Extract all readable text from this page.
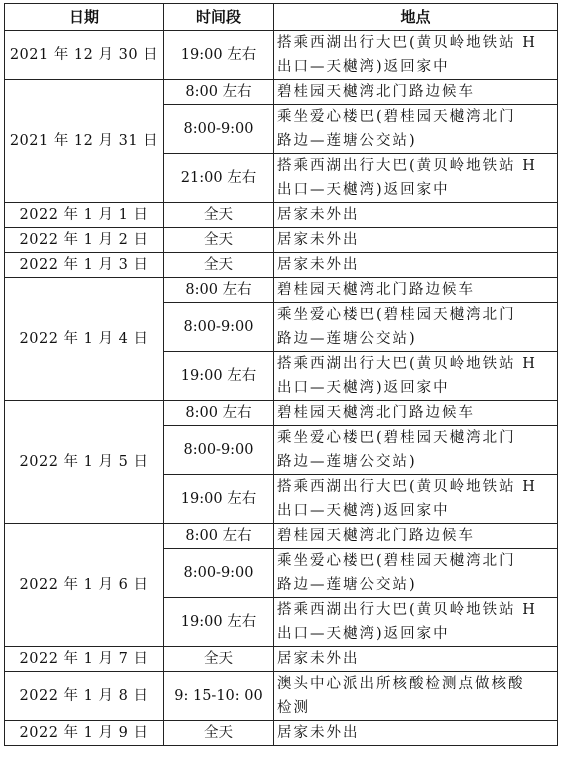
日期	时间段	地点
2021 年 12 月 30 日	19:00 左右	搭乘西湖出行大巴(黄贝岭地铁站 H
出口—天樾湾)返回家中

2021 年 12 月 31 日	8:00 左右	碧桂园天樾湾北门路边候车

	8:00-9:00	乘坐爱心楼巴(碧桂园天樾湾北门
路边—莲塘公交站)

	21:00 左右	搭乘西湖出行大巴(黄贝岭地铁站 H
出口—天樾湾)返回家中

2022 年 1 月 1 日	全天	居家未外出

2022 年 1 月 2 日	全天	居家未外出

2022 年 1 月 3 日	全天	居家未外出

2022 年 1 月 4 日	8:00 左右	碧桂园天樾湾北门路边候车

	8:00-9:00	乘坐爱心楼巴(碧桂园天樾湾北门
路边—莲塘公交站)

	19:00 左右	搭乘西湖出行大巴(黄贝岭地铁站 H
出口—天樾湾)返回家中

2022 年 1 月 5 日	8:00 左右	碧桂园天樾湾北门路边候车

	8:00-9:00	乘坐爱心楼巴(碧桂园天樾湾北门
路边—莲塘公交站)

	19:00 左右	搭乘西湖出行大巴(黄贝岭地铁站 H
出口—天樾湾)返回家中

2022 年 1 月 6 日	8:00 左右	碧桂园天樾湾北门路边候车

	8:00-9:00	乘坐爱心楼巴(碧桂园天樾湾北门
路边—莲塘公交站)

	19:00 左右	搭乘西湖出行大巴(黄贝岭地铁站 H
出口—天樾湾)返回家中

2022 年 1 月 7 日	全天	居家未外出

2022 年 1 月 8 日	9: 15-10: 00	澳头中心派出所核酸检测点做核酸
检测

2022 年 1 月 9 日	全天	居家未外出
